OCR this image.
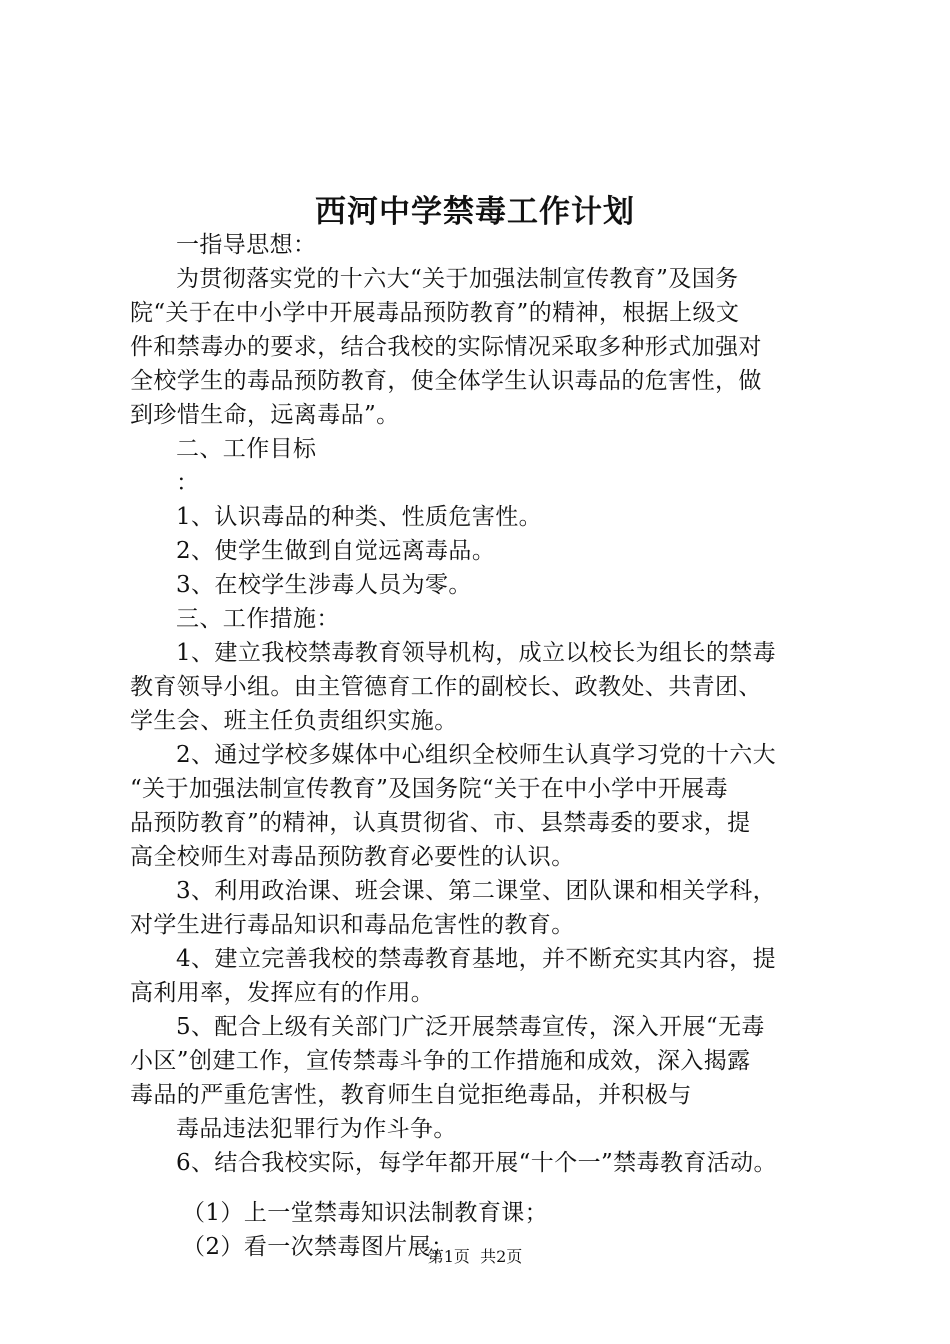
西河中学禁毒工作计划
一指导思想：
为贯彻落实党的十六大“关于加强法制宣传教育”及国务
院“关于在中小学中开展毒品预防教育”的精神，根据上级文
件和禁毒办的要求，结合我校的实际情况采取多种形式加强对
全校学生的毒品预防教育，使全体学生认识毒品的危害性，做
到珍惜生命，远离毒品”。
二、工作目标
：
1、认识毒品的种类、性质危害性。
2、使学生做到自觉远离毒品。
3、在校学生涉毒人员为零。
三、工作措施：
1、建立我校禁毒教育领导机构，成立以校长为组长的禁毒
教育领导小组。由主管德育工作的副校长、政教处、共青团、
学生会、班主任负责组织实施。
2、通过学校多媒体中心组织全校师生认真学习党的十六大
“关于加强法制宣传教育”及国务院“关于在中小学中开展毒
品预防教育”的精神，认真贯彻省、市、县禁毒委的要求，提
高全校师生对毒品预防教育必要性的认识。
3、利用政治课、班会课、第二课堂、团队课和相关学科，
对学生进行毒品知识和毒品危害性的教育。
4、建立完善我校的禁毒教育基地，并不断充实其内容，提
高利用率，发挥应有的作用。
5、配合上级有关部门广泛开展禁毒宣传，深入开展“无毒
小区”创建工作，宣传禁毒斗争的工作措施和成效，深入揭露
毒品的严重危害性，教育师生自觉拒绝毒品，并积极与
毒品违法犯罪行为作斗争。
6、结合我校实际，每学年都开展“十个一”禁毒教育活动。
（1）上一堂禁毒知识法制教育课；
（2）看一次禁毒图片展；
第1页  共2页
